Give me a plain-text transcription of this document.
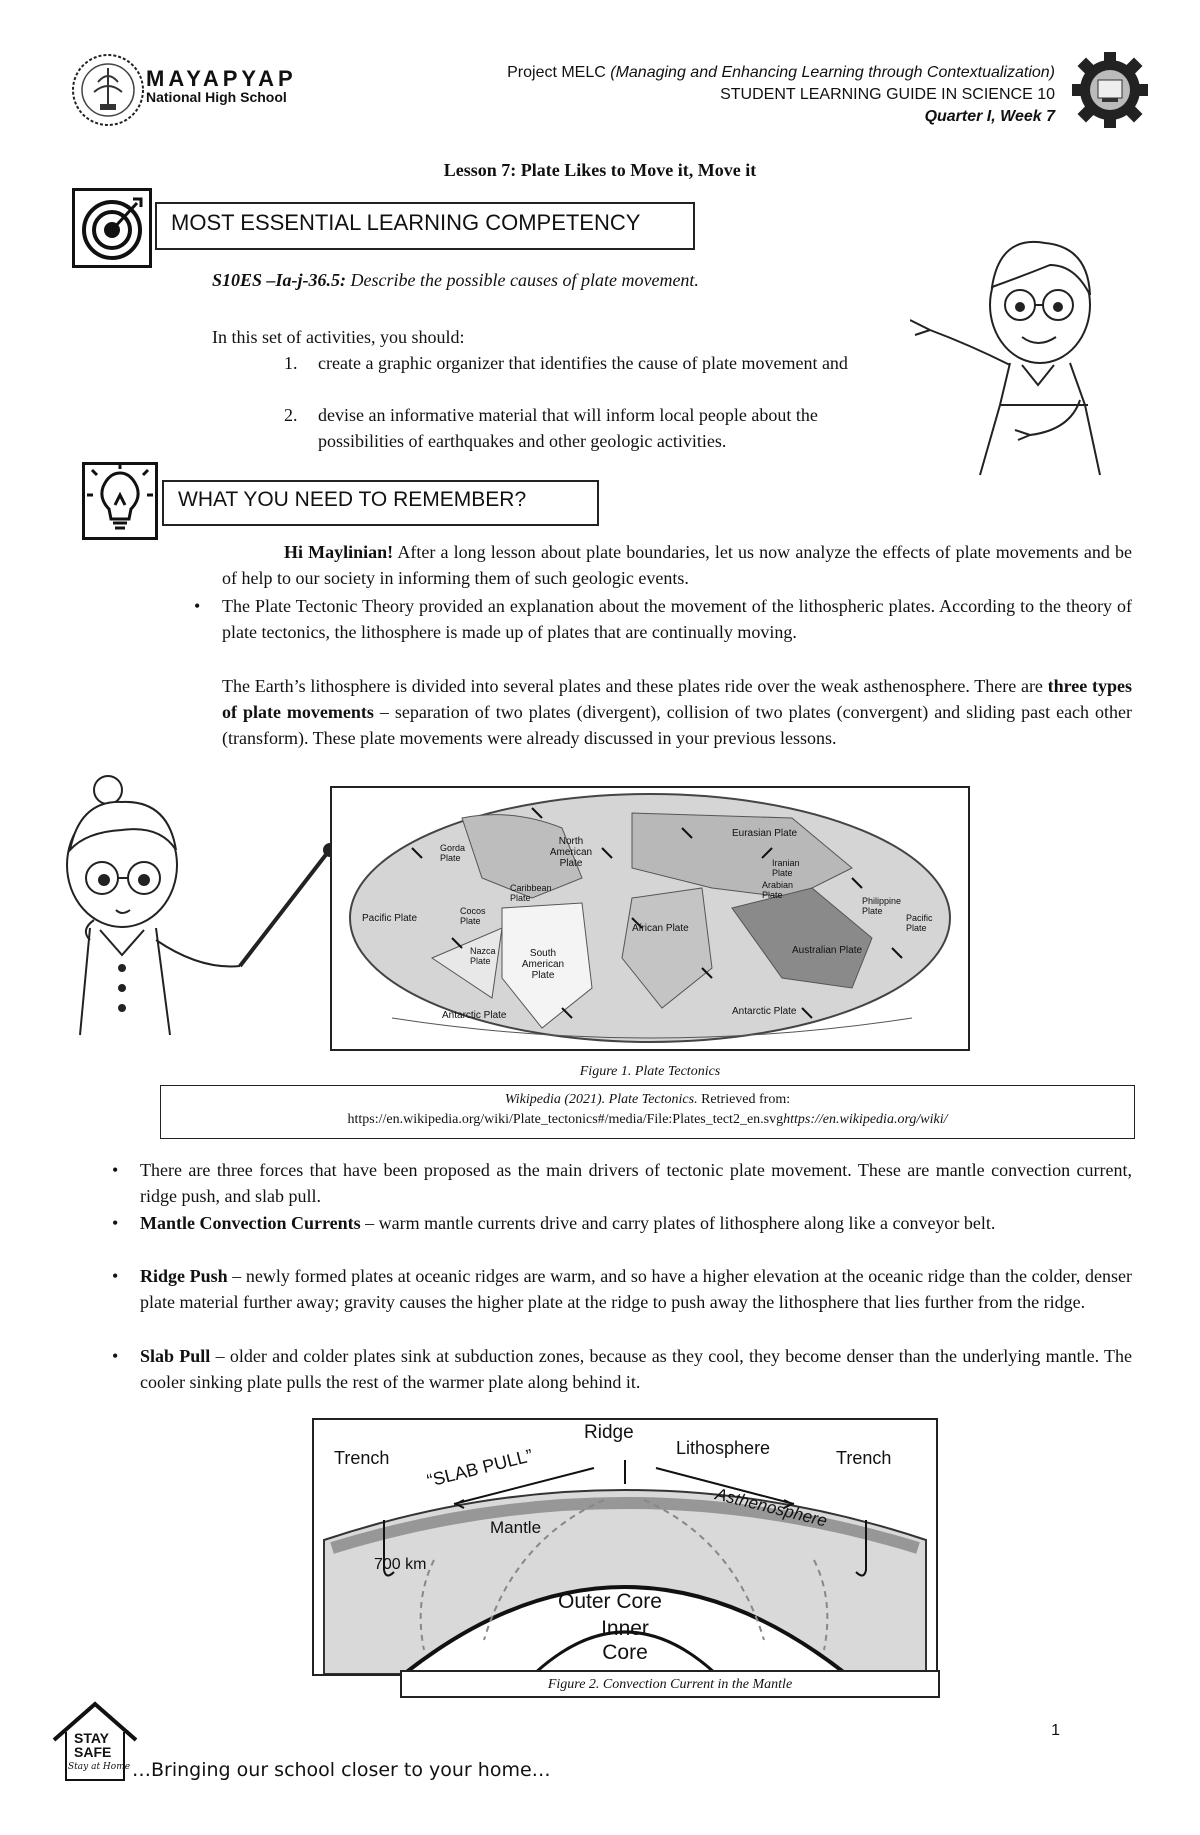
MAYAPYAP
National High School
Project MELC (Managing and Enhancing Learning through Contextualization)
STUDENT LEARNING GUIDE IN SCIENCE 10
Quarter I, Week 7
Lesson 7: Plate Likes to Move it, Move it
MOST ESSENTIAL LEARNING COMPETENCY
S10ES –Ia-j-36.5: Describe the possible causes of plate movement.
In this set of activities, you should:
1. create a graphic organizer that identifies the cause of plate movement and
2. devise an informative material that will inform local people about the possibilities of earthquakes and other geologic activities.
WHAT YOU NEED TO REMEMBER?
Hi Maylinian! After a long lesson about plate boundaries, let us now analyze the effects of plate movements and be of help to our society in informing them of such geologic events.
• The Plate Tectonic Theory provided an explanation about the movement of the lithospheric plates. According to the theory of plate tectonics, the lithosphere is made up of plates that are continually moving.
The Earth’s lithosphere is divided into several plates and these plates ride over the weak asthenosphere. There are three types of plate movements – separation of two plates (divergent), collision of two plates (convergent) and sliding past each other (transform). These plate movements were already discussed in your previous lessons.
North American Plate
Eurasian Plate
Gorda Plate	Iranian Plate
Caribbean Plate
Arabian Plate
Philippine Plate
Pacific Plate	Pacific Plate
Cocos Plate
African Plate
Nazca Plate
South American Plate
Australian Plate
Antarctic Plate	Antarctic Plate
Figure 1. Plate Tectonics
Wikipedia (2021). Plate Tectonics. Retrieved from:
https://en.wikipedia.org/wiki/Plate_tectonics#/media/File:Plates_tect2_en.svghttps://en.wikipedia.org/wiki/
• There are three forces that have been proposed as the main drivers of tectonic plate movement. These are mantle convection current, ridge push, and slab pull.
• Mantle Convection Currents – warm mantle currents drive and carry plates of lithosphere along like a conveyor belt.
• Ridge Push – newly formed plates at oceanic ridges are warm, and so have a higher elevation at the oceanic ridge than the colder, denser plate material further away; gravity causes the higher plate at the ridge to push away the lithosphere that lies further from the ridge.
• Slab Pull – older and colder plates sink at subduction zones, because as they cool, they become denser than the underlying mantle. The cooler sinking plate pulls the rest of the warmer plate along behind it.
Ridge
Trench	Trench
Lithosphere
“SLAB PULL”
Mantle	Asthenosphere
700 km
Outer Core
Inner
Core
Figure 2. Convection Current in the Mantle
1
STAY
SAFE
Stay at Home …Bringing our school closer to your home…
